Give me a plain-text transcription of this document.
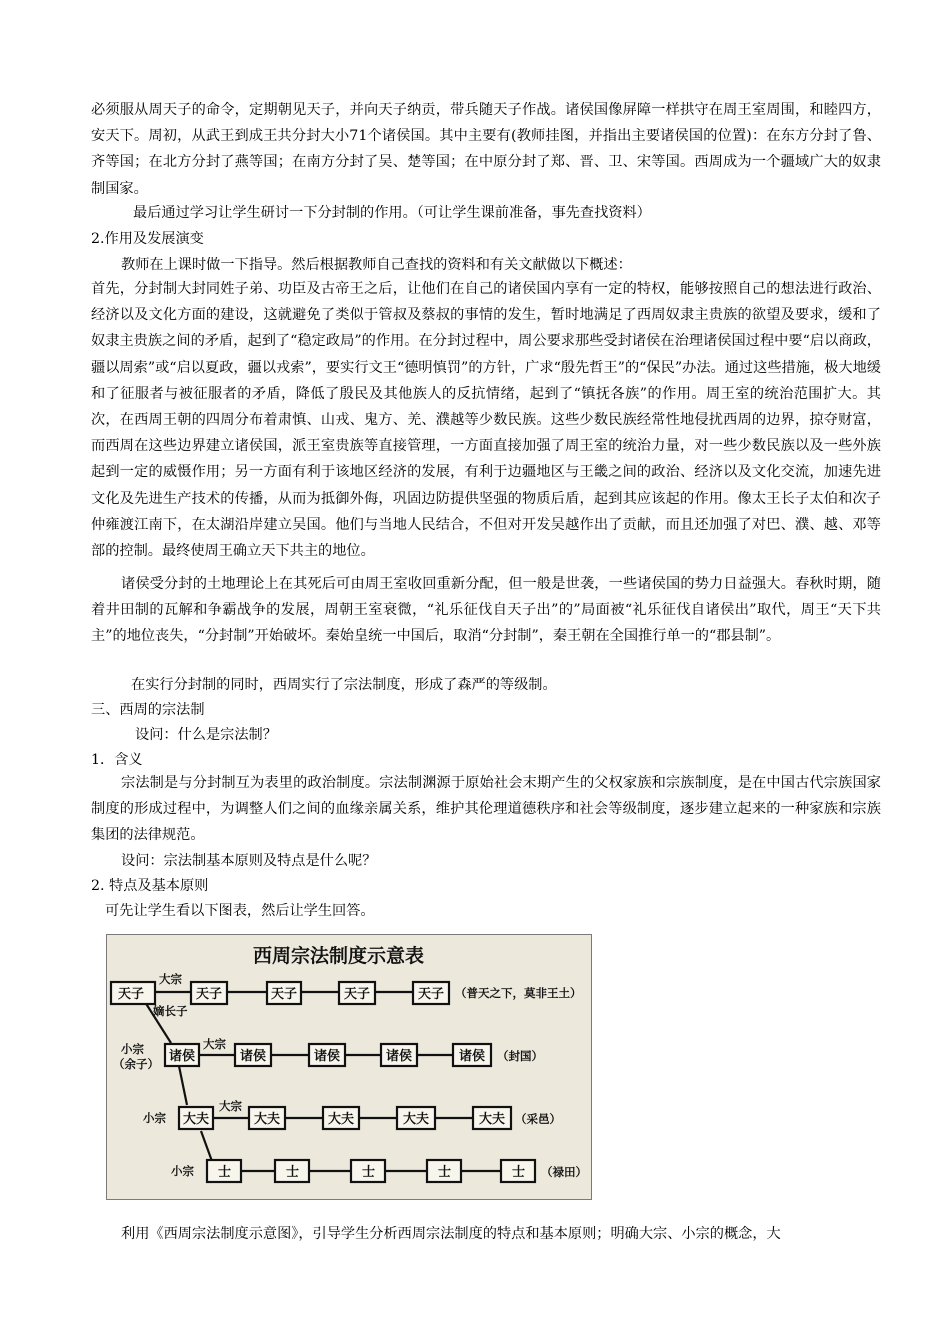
必须服从周天子的命令，定期朝见天子，并向天子纳贡，带兵随天子作战。诸侯国像屏障一样拱守在周王室周围，和睦四方，安天下。周初，从武王到成王共分封大小71个诸侯国。其中主要有(教师挂图，并指出主要诸侯国的位置)：在东方分封了鲁、齐等国；在北方分封了燕等国；在南方分封了吴、楚等国；在中原分封了郑、晋、卫、宋等国。西周成为一个疆域广大的奴隶制国家。

最后通过学习让学生研讨一下分封制的作用。（可让学生课前准备，事先查找资料）
2.作用及发展演变
教师在上课时做一下指导。然后根据教师自己查找的资料和有关文献做以下概述：

首先，分封制大封同姓子弟、功臣及古帝王之后，让他们在自己的诸侯国内享有一定的特权，能够按照自己的想法进行政治、经济以及文化方面的建设，这就避免了类似于管叔及蔡叔的事情的发生，暂时地满足了西周奴隶主贵族的欲望及要求，缓和了奴隶主贵族之间的矛盾，起到了“稳定政局”的作用。在分封过程中，周公要求那些受封诸侯在治理诸侯国过程中要“启以商政，疆以周索”或“启以夏政，疆以戎索”，要实行文王“德明慎罚”的方针，广求“殷先哲王”的“保民”办法。通过这些措施，极大地缓和了征服者与被征服者的矛盾，降低了殷民及其他族人的反抗情绪，起到了“镇抚各族”的作用。周王室的统治范围扩大。其次，在西周王朝的四周分布着肃慎、山戎、鬼方、羌、濮越等少数民族。这些少数民族经常性地侵扰西周的边界，掠夺财富，而西周在这些边界建立诸侯国，派王室贵族等直接管理，一方面直接加强了周王室的统治力量，对一些少数民族以及一些外族起到一定的威慑作用；另一方面有利于该地区经济的发展，有利于边疆地区与王畿之间的政治、经济以及文化交流，加速先进文化及先进生产技术的传播，从而为抵御外侮，巩固边防提供坚强的物质后盾，起到其应该起的作用。像太王长子太伯和次子仲雍渡江南下，在太湖沿岸建立吴国。他们与当地人民结合，不但对开发吴越作出了贡献，而且还加强了对巴、濮、越、邓等部的控制。最终使周王确立天下共主的地位。

诸侯受分封的土地理论上在其死后可由周王室收回重新分配，但一般是世袭，一些诸侯国的势力日益强大。春秋时期，随着井田制的瓦解和争霸战争的发展，周朝王室衰微，“礼乐征伐自天子出”的”局面被“礼乐征伐自诸侯出”取代，周王“天下共主”的地位丧失，“分封制”开始破坏。秦始皇统一中国后，取消“分封制”，秦王朝在全国推行单一的“郡县制”。

在实行分封制的同时，西周实行了宗法制度，形成了森严的等级制。
三、西周的宗法制
设问：什么是宗法制？
1．含义

宗法制是与分封制互为表里的政治制度。宗法制渊源于原始社会末期产生的父权家族和宗族制度，是在中国古代宗族国家制度的形成过程中，为调整人们之间的血缘亲属关系，维护其伦理道德秩序和社会等级制度，逐步建立起来的一种家族和宗族集团的法律规范。

设问：宗法制基本原则及特点是什么呢？
2. 特点及基本原则
可先让学生看以下图表，然后让学生回答。
西周宗法制度示意表
天子	天子	天子	天子	天子
大宗
嫡长子
（普天之下，莫非王土）
诸侯	诸侯	诸侯	诸侯	诸侯
小宗
（余子）
大宗
（封国）
大夫	大夫	大夫	大夫	大夫
小宗
大宗
（采邑）
士	士	士	士	士
小宗	（禄田）
利用《西周宗法制度示意图》，引导学生分析西周宗法制度的特点和基本原则；明确大宗、小宗的概念，大
